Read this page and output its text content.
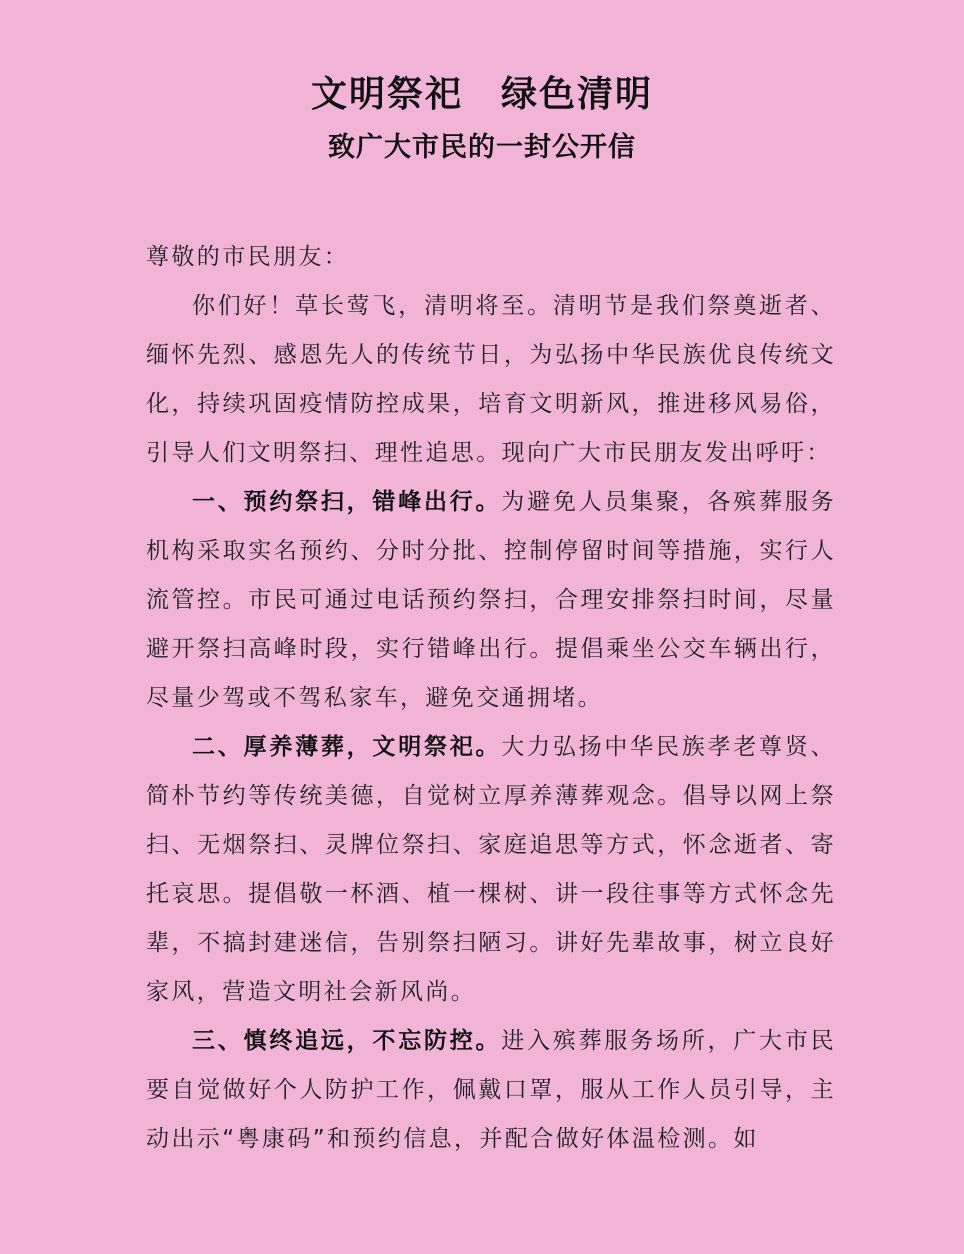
文明祭祀　绿色清明
致广大市民的一封公开信

尊敬的市民朋友：

你们好！草长莺飞，清明将至。清明节是我们祭奠逝者、缅怀先烈、感恩先人的传统节日，为弘扬中华民族优良传统文化，持续巩固疫情防控成果，培育文明新风，推进移风易俗，引导人们文明祭扫、理性追思。现向广大市民朋友发出呼吁：

一、预约祭扫，错峰出行。为避免人员集聚，各殡葬服务机构采取实名预约、分时分批、控制停留时间等措施，实行人流管控。市民可通过电话预约祭扫，合理安排祭扫时间，尽量避开祭扫高峰时段，实行错峰出行。提倡乘坐公交车辆出行，尽量少驾或不驾私家车，避免交通拥堵。

二、厚养薄葬，文明祭祀。大力弘扬中华民族孝老尊贤、简朴节约等传统美德，自觉树立厚养薄葬观念。倡导以网上祭扫、无烟祭扫、灵牌位祭扫、家庭追思等方式，怀念逝者、寄托哀思。提倡敬一杯酒、植一棵树、讲一段往事等方式怀念先辈，不搞封建迷信，告别祭扫陋习。讲好先辈故事，树立良好家风，营造文明社会新风尚。

三、慎终追远，不忘防控。进入殡葬服务场所，广大市民要自觉做好个人防护工作，佩戴口罩，服从工作人员引导，主动出示“粤康码”和预约信息，并配合做好体温检测。如
